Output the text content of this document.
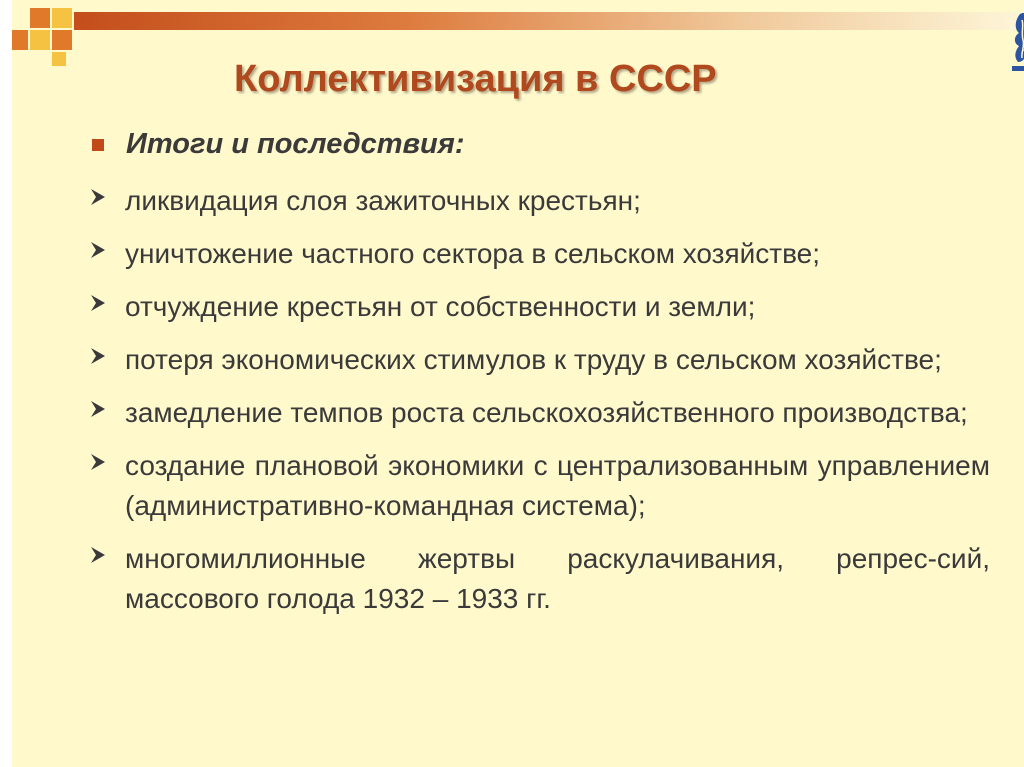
Коллективизация в СССР
Итоги и последствия:
ликвидация слоя зажиточных крестьян;
уничтожение частного сектора в сельском хозяйстве;
отчуждение крестьян от собственности и земли;
потеря экономических стимулов к труду в сельском хозяйстве;
замедление темпов роста сельскохозяйственного производства;
создание плановой экономики с централизованным управлением (административно-командная система);
многомиллионные жертвы раскулачивания, репрес-сий, массового голода 1932 – 1933 гг.
